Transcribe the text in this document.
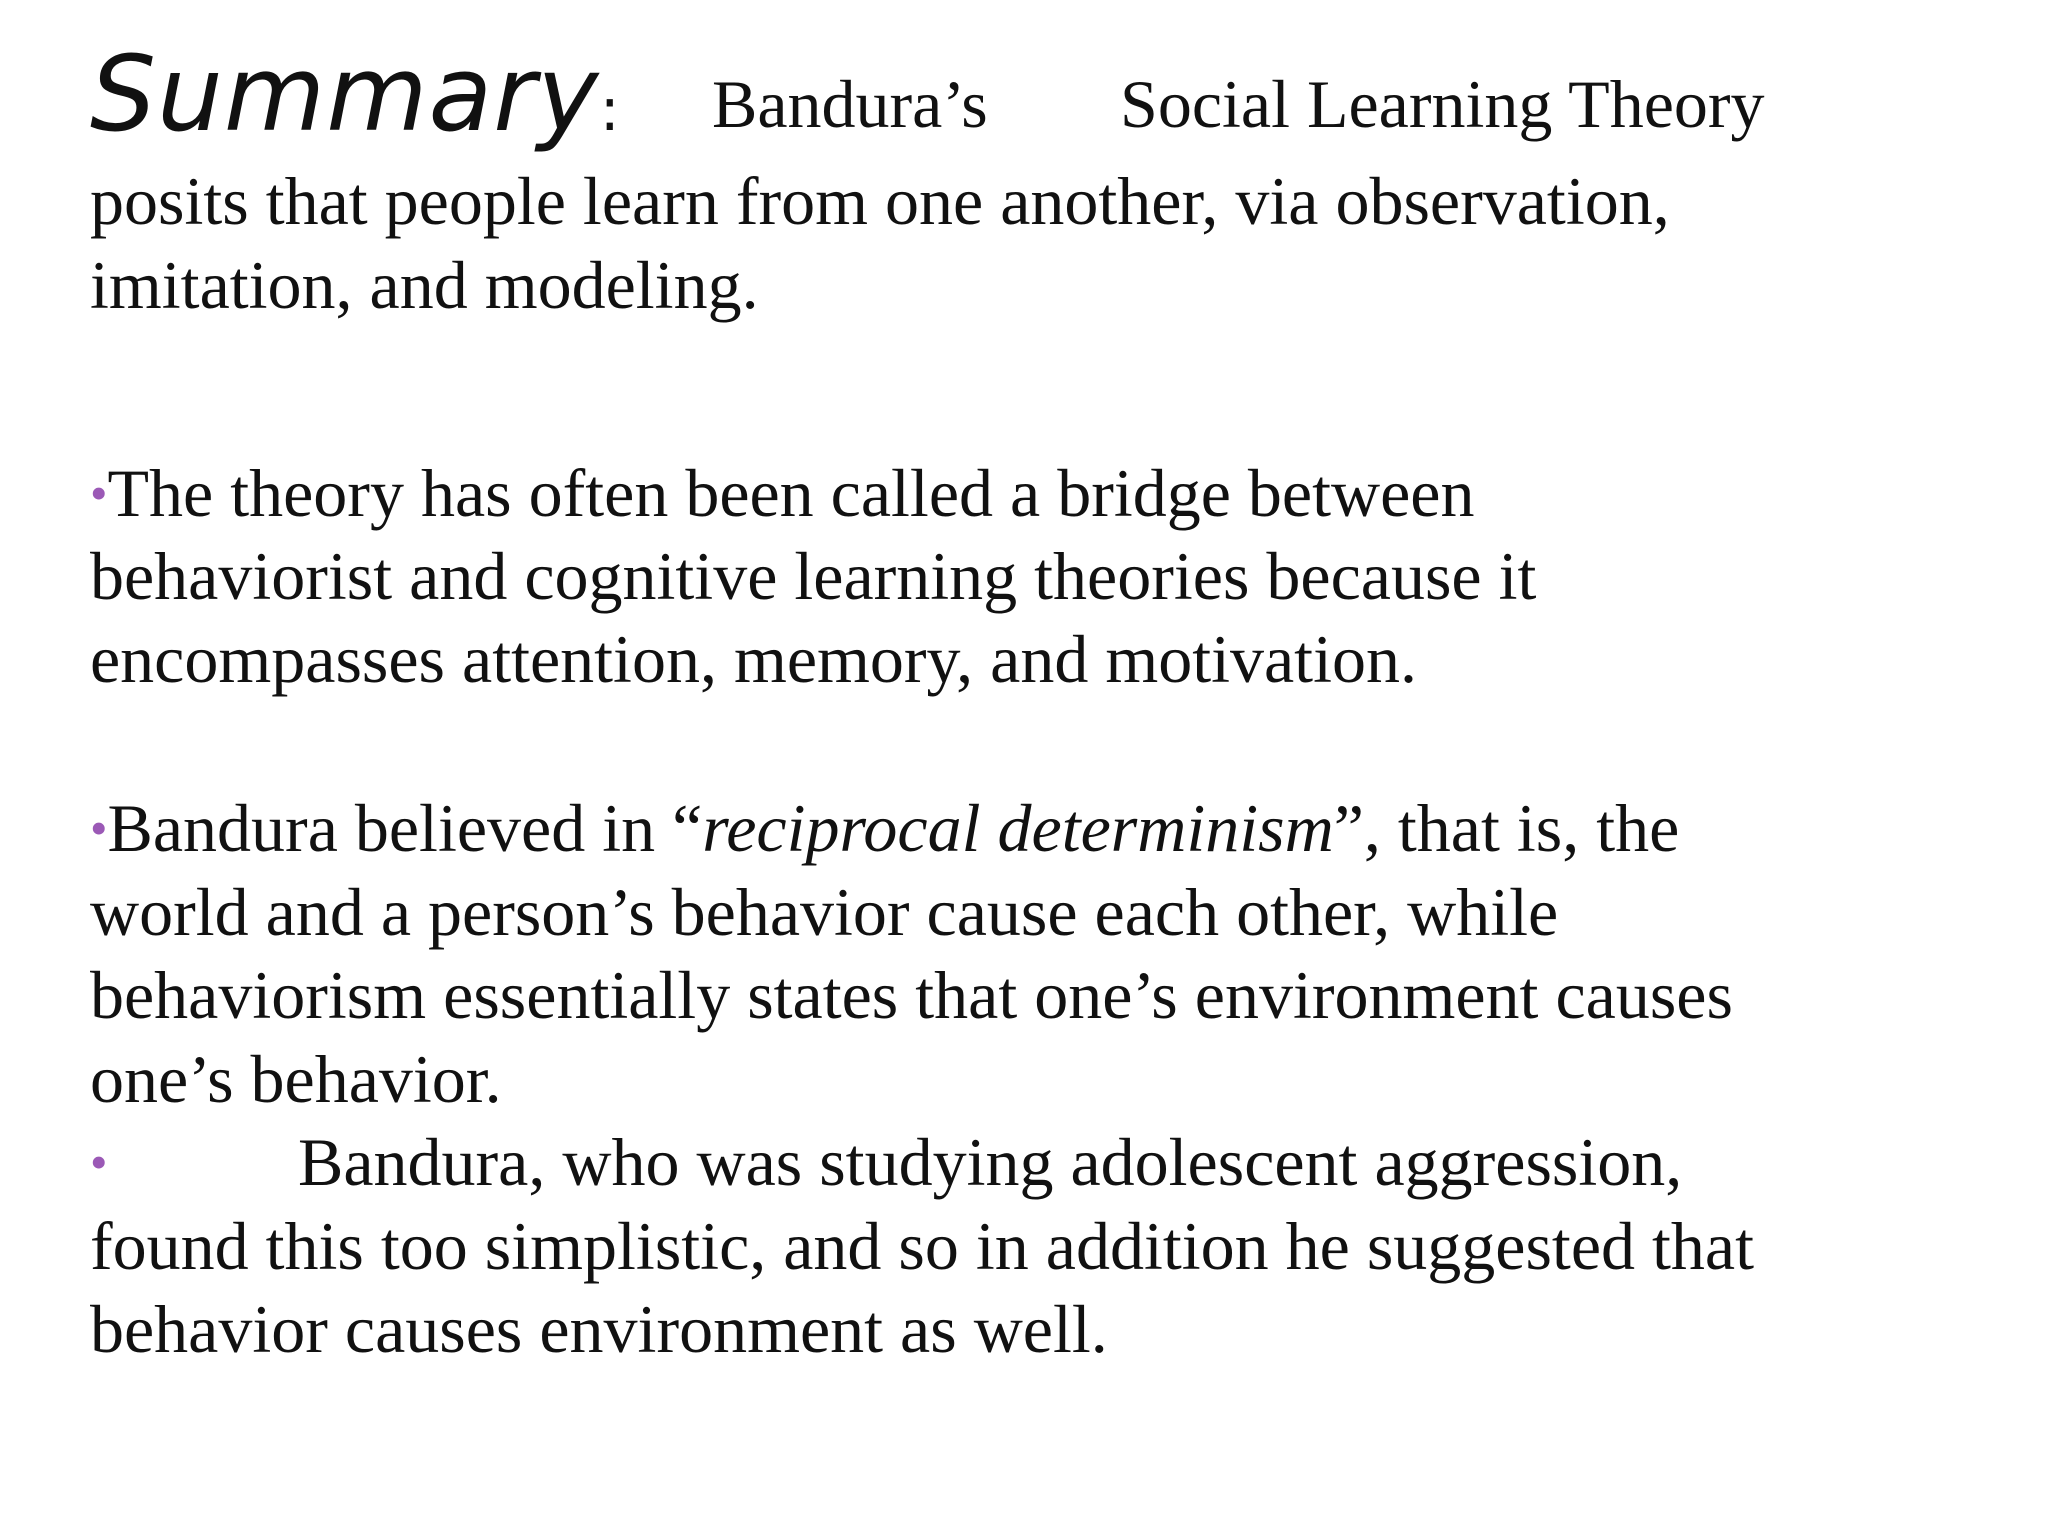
Summary: Bandura’s Social Learning Theory
posits that people learn from one another, via observation,
imitation, and modeling.
•The theory has often been called a bridge between
behaviorist and cognitive learning theories because it
encompasses attention, memory, and motivation.
•Bandura believed in “reciprocal determinism”, that is, the
world and a person’s behavior cause each other, while
behaviorism essentially states that one’s environment causes
one’s behavior.
•	Bandura, who was studying adolescent aggression,
found this too simplistic, and so in addition he suggested that
behavior causes environment as well.
